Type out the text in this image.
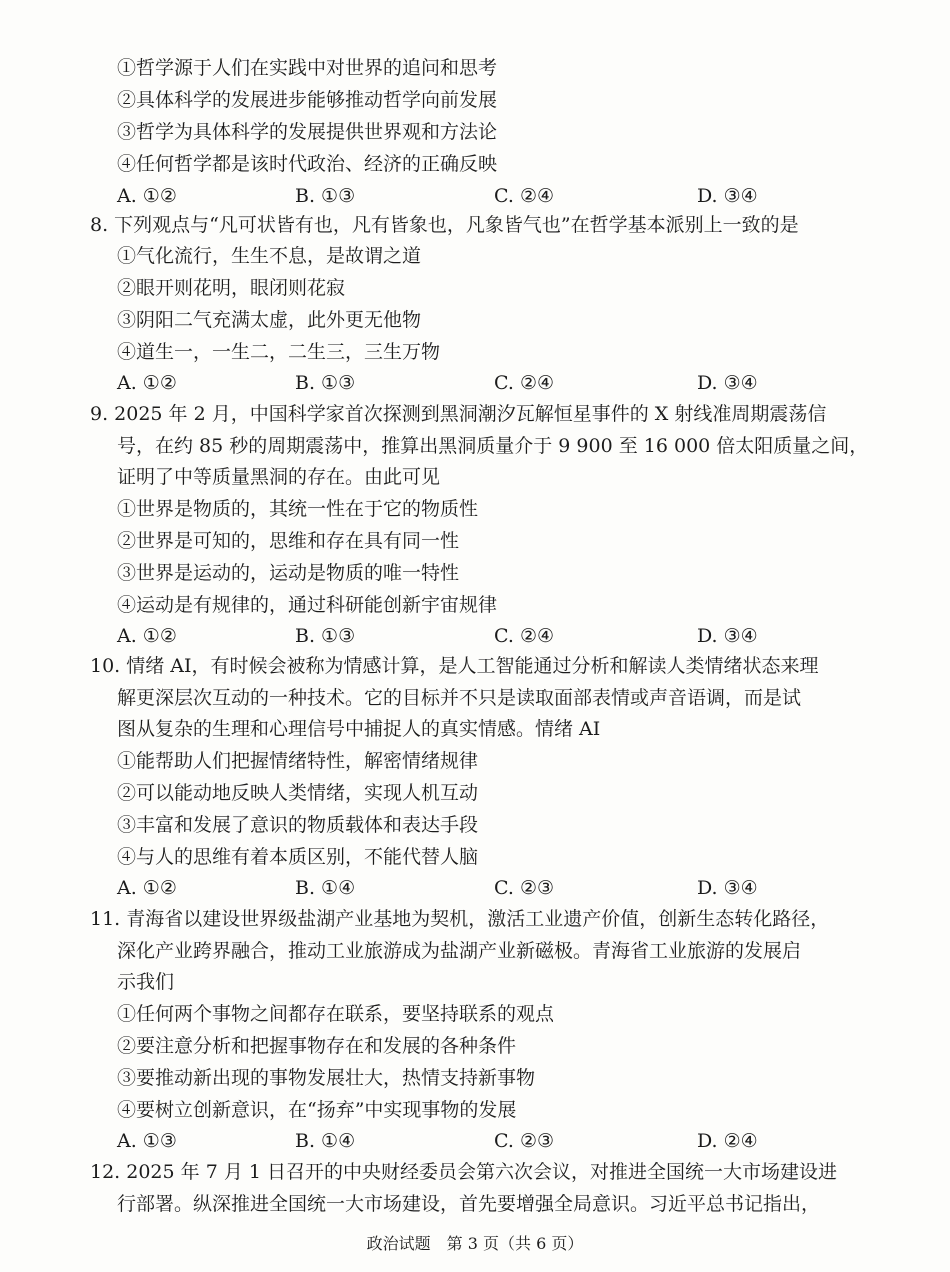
①哲学源于人们在实践中对世界的追问和思考
②具体科学的发展进步能够推动哲学向前发展
③哲学为具体科学的发展提供世界观和方法论
④任何哲学都是该时代政治、经济的正确反映
A. ①②	B. ①③	C. ②④	D. ③④
8. 下列观点与“凡可状皆有也，凡有皆象也，凡象皆气也”在哲学基本派别上一致的是
①气化流行，生生不息，是故谓之道
②眼开则花明，眼闭则花寂
③阴阳二气充满太虚，此外更无他物
④道生一，一生二，二生三，三生万物
A. ①②	B. ①③	C. ②④	D. ③④
9. 2025 年 2 月，中国科学家首次探测到黑洞潮汐瓦解恒星事件的 X 射线准周期震荡信
号，在约 85 秒的周期震荡中，推算出黑洞质量介于 9 900 至 16 000 倍太阳质量之间，
证明了中等质量黑洞的存在。由此可见
①世界是物质的，其统一性在于它的物质性
②世界是可知的，思维和存在具有同一性
③世界是运动的，运动是物质的唯一特性
④运动是有规律的，通过科研能创新宇宙规律
A. ①②	B. ①③	C. ②④	D. ③④
10. 情绪 AI，有时候会被称为情感计算，是人工智能通过分析和解读人类情绪状态来理
解更深层次互动的一种技术。它的目标并不只是读取面部表情或声音语调，而是试
图从复杂的生理和心理信号中捕捉人的真实情感。情绪 AI
①能帮助人们把握情绪特性，解密情绪规律
②可以能动地反映人类情绪，实现人机互动
③丰富和发展了意识的物质载体和表达手段
④与人的思维有着本质区别，不能代替人脑
A. ①②	B. ①④	C. ②③	D. ③④
11. 青海省以建设世界级盐湖产业基地为契机，激活工业遗产价值，创新生态转化路径，
深化产业跨界融合，推动工业旅游成为盐湖产业新磁极。青海省工业旅游的发展启
示我们
①任何两个事物之间都存在联系，要坚持联系的观点
②要注意分析和把握事物存在和发展的各种条件
③要推动新出现的事物发展壮大，热情支持新事物
④要树立创新意识，在“扬弃”中实现事物的发展
A. ①③	B. ①④	C. ②③	D. ②④
12. 2025 年 7 月 1 日召开的中央财经委员会第六次会议，对推进全国统一大市场建设进
行部署。纵深推进全国统一大市场建设，首先要增强全局意识。习近平总书记指出，
政治试题　第 3 页（共 6 页）
